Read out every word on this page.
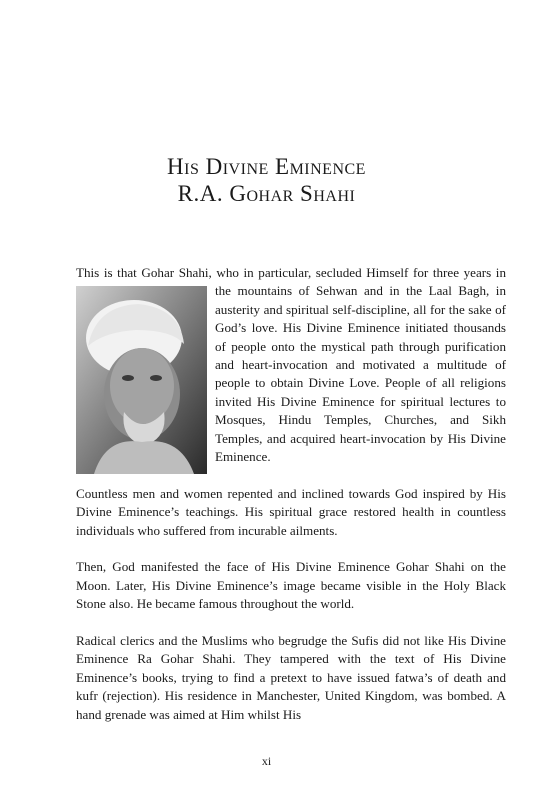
His Divine Eminence
R.A. Gohar Shahi

This is that Gohar Shahi, who in particular, secluded Himself for three
years in the mountains of Sehwan and in the Laal Bagh, in austerity and spiritual self-discipline, all for the sake of God’s love. His Divine Eminence initiated thousands of people onto the mystical path through purification and heart-invocation and motivated a multitude of people to obtain Divine Love. People of all religions invited His Divine Eminence for spiritual lectures to Mosques, Hindu Temples, Churches, and Sikh Temples, and acquired heart-invocation by His Divine Eminence.

Countless men and women repented and inclined towards God inspired by His Divine Eminence’s teachings. His spiritual grace restored health in countless individuals who suffered from incurable ailments.

Then, God manifested the face of His Divine Eminence Gohar Shahi on the Moon. Later, His Divine Eminence’s image became visible in the Holy Black Stone also. He became famous throughout the world.

Radical clerics and the Muslims who begrudge the Sufis did not like His Divine Eminence Ra Gohar Shahi. They tampered with the text of His Divine Eminence’s books, trying to find a pretext to have issued fatwa’s of death and kufr (rejection). His residence in Manchester, United Kingdom, was bombed. A hand grenade was aimed at Him whilst His

xi
